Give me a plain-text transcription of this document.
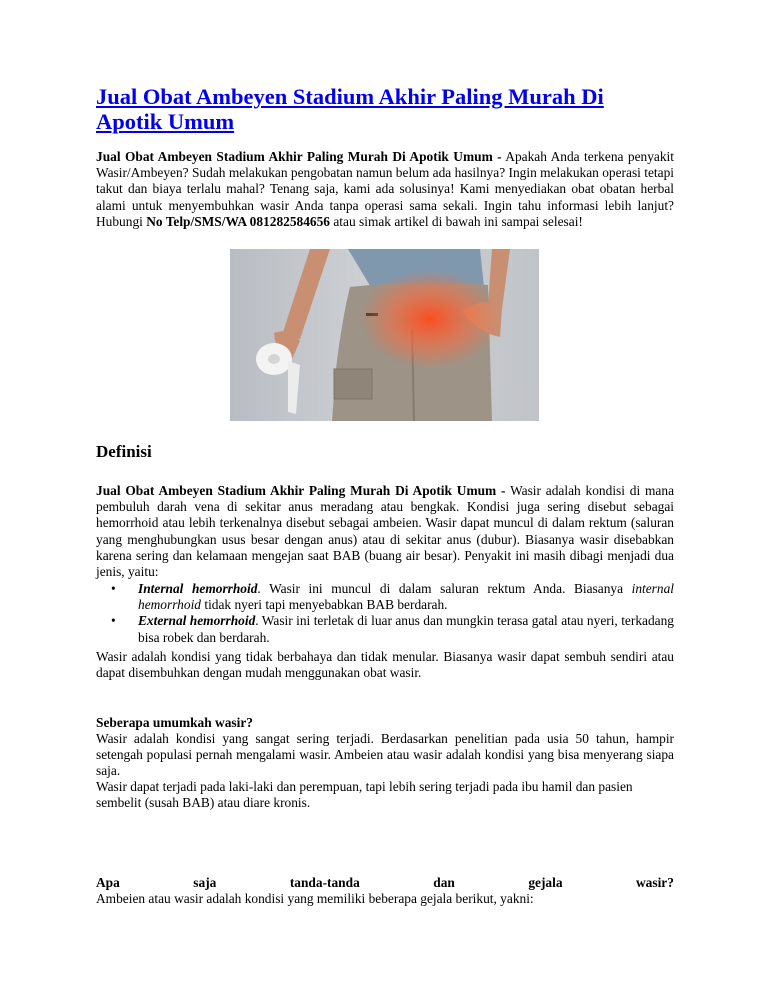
Jual Obat Ambeyen Stadium Akhir Paling Murah Di Apotik Umum

Jual Obat Ambeyen Stadium Akhir Paling Murah Di Apotik Umum - Apakah Anda terkena penyakit Wasir/Ambeyen? Sudah melakukan pengobatan namun belum ada hasilnya? Ingin melakukan operasi tetapi takut dan biaya terlalu mahal? Tenang saja, kami ada solusinya! Kami menyediakan obat obatan herbal alami untuk menyembuhkan wasir Anda tanpa operasi sama sekali. Ingin tahu informasi lebih lanjut? Hubungi No Telp/SMS/WA 081282584656 atau simak artikel di bawah ini sampai selesai!

Definisi

Jual Obat Ambeyen Stadium Akhir Paling Murah Di Apotik Umum - Wasir adalah kondisi di mana pembuluh darah vena di sekitar anus meradang atau bengkak. Kondisi juga sering disebut sebagai hemorrhoid atau lebih terkenalnya disebut sebagai ambeien. Wasir dapat muncul di dalam rektum (saluran yang menghubungkan usus besar dengan anus) atau di sekitar anus (dubur). Biasanya wasir disebabkan karena sering dan kelamaan mengejan saat BAB (buang air besar). Penyakit ini masih dibagi menjadi dua jenis, yaitu:

• Internal hemorrhoid. Wasir ini muncul di dalam saluran rektum Anda. Biasanya internal hemorrhoid tidak nyeri tapi menyebabkan BAB berdarah.
• External hemorrhoid. Wasir ini terletak di luar anus dan mungkin terasa gatal atau nyeri, terkadang bisa robek dan berdarah.

Wasir adalah kondisi yang tidak berbahaya dan tidak menular. Biasanya wasir dapat sembuh sendiri atau dapat disembuhkan dengan mudah menggunakan obat wasir.

Seberapa umumkah wasir?

Wasir adalah kondisi yang sangat sering terjadi. Berdasarkan penelitian pada usia 50 tahun, hampir setengah populasi pernah mengalami wasir. Ambeien atau wasir adalah kondisi yang bisa menyerang siapa saja.

Wasir dapat terjadi pada laki-laki dan perempuan, tapi lebih sering terjadi pada ibu hamil dan pasien sembelit (susah BAB) atau diare kronis.

Apa	saja	tanda-tanda	dan	gejala	wasir?

Ambeien atau wasir adalah kondisi yang memiliki beberapa gejala berikut, yakni:
